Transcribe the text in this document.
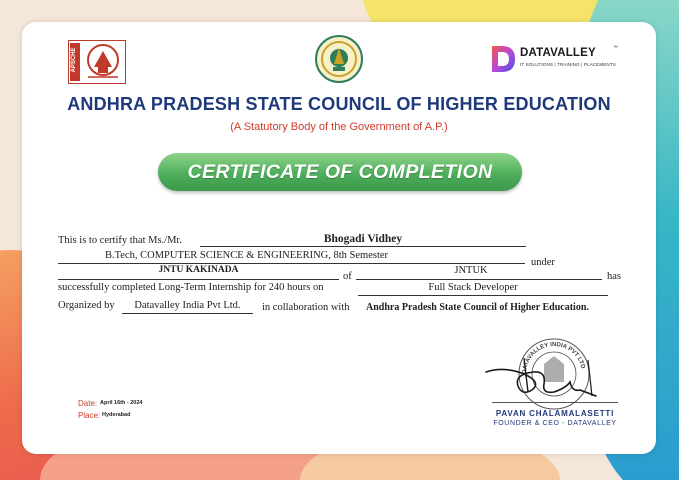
APSCHE	DATAVALLEY	™
IT SOLUTIONS | TRAINING | PLACEMENTS
ANDHRA PRADESH STATE COUNCIL OF HIGHER EDUCATION
(A Statutory Body of the Government of A.P.)
CERTIFICATE OF COMPLETION
This is to certify that Ms./Mr.	Bhogadi Vidhey
B.Tech, COMPUTER SCIENCE & ENGINEERING, 8th Semester
under
JNTU KAKINADA
of
JNTUK
has
successfully completed Long-Term Internship for 240 hours on	Full Stack Developer
Organized by	Datavalley India Pvt Ltd.	in collaboration with Andhra Pradesh State Council of Higher Education.
Date: April 16th - 2024
Place: Hyderabad
DATAVALLEY INDIA PVT LTD
PAVAN CHALAMALASETTI
FOUNDER & CEO - DATAVALLEY
